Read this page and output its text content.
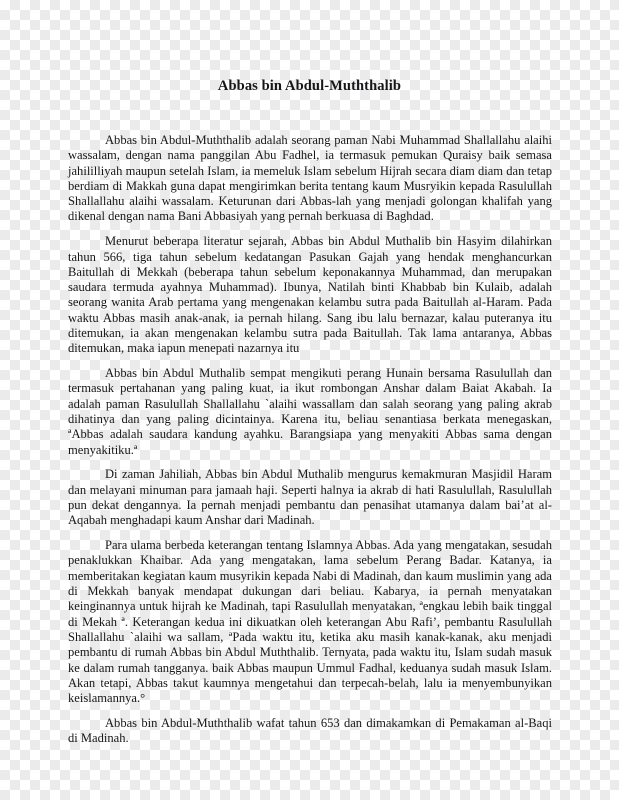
Abbas bin Abdul-Muththalib

Abbas bin Abdul-Muththalib adalah seorang paman Nabi Muhammad Shallallahu alaihi wassalam, dengan nama panggilan Abu Fadhel, ia termasuk pemukan Quraisy baik semasa jahililliyah maupun setelah Islam, ia memeluk Islam sebelum Hijrah secara diam diam dan tetap berdiam di Makkah guna dapat mengirimkan berita tentang kaum Musryikin kepada Rasulullah Shallallahu alaihi wassalam. Keturunan dari Abbas-lah yang menjadi golongan khalifah yang dikenal dengan nama Bani Abbasiyah yang pernah berkuasa di Baghdad.

Menurut beberapa literatur sejarah, Abbas bin Abdul Muthalib bin Hasyim dilahirkan tahun 566, tiga tahun sebelum kedatangan Pasukan Gajah yang hendak menghancurkan Baitullah di Mekkah (beberapa tahun sebelum keponakannya Muhammad, dan merupakan saudara termuda ayahnya Muhammad). Ibunya, Natilah binti Khabbab bin Kulaib, adalah seorang wanita Arab pertama yang mengenakan kelambu sutra pada Baitullah al-Haram. Pada waktu Abbas masih anak-anak, ia pernah hilang. Sang ibu lalu bernazar, kalau puteranya itu ditemukan, ia akan mengenakan kelambu sutra pada Baitullah. Tak lama antaranya, Abbas ditemukan, maka iapun menepati nazarnya itu

Abbas bin Abdul Muthalib sempat mengikuti perang Hunain bersama Rasulullah dan termasuk pertahanan yang paling kuat, ia ikut rombongan Anshar dalam Baiat Akabah. Ia adalah paman Rasulullah Shallallahu `alaihi wassallam dan salah seorang yang paling akrab dihatinya dan yang paling dicintainya. Karena itu, beliau senantiasa berkata menegaskan, ªAbbas adalah saudara kandung ayahku. Barangsiapa yang menyakiti Abbas sama dengan menyakitiku.ª

Di zaman Jahiliah, Abbas bin Abdul Muthalib mengurus kemakmuran Masjidil Haram dan melayani minuman para jamaah haji. Seperti halnya ia akrab di hati Rasulullah, Rasulullah pun dekat dengannya. Ia pernah menjadi pembantu dan penasihat utamanya dalam bai’at al-Aqabah menghadapi kaum Anshar dari Madinah.

Para ulama berbeda keterangan tentang Islamnya Abbas. Ada yang mengatakan, sesudah penaklukkan Khaibar. Ada yang mengatakan, lama sebelum Perang Badar. Katanya, ia memberitakan kegiatan kaum musyrikin kepada Nabi di Madinah, dan kaum muslimin yang ada di Mekkah banyak mendapat dukungan dari beliau. Kabarya, ia pernah menyatakan keinginannya untuk hijrah ke Madinah, tapi Rasulullah menyatakan, ªengkau lebih baik tinggal di Mekah ª. Keterangan kedua ini dikuatkan oleh keterangan Abu Rafi’, pembantu Rasulullah Shallallahu `alaihi wa sallam, ªPada waktu itu, ketika aku masih kanak-kanak, aku menjadi pembantu di rumah Abbas bin Abdul Muththalib. Ternyata, pada waktu itu, Islam sudah masuk ke dalam rumah tangganya. baik Abbas maupun Ummul Fadhal, keduanya sudah masuk Islam. Akan tetapi, Abbas takut kaumnya mengetahui dan terpecah-belah, lalu ia menyembunyikan keislamannya.°

Abbas bin Abdul-Muththalib wafat tahun 653 dan dimakamkan di Pemakaman al-Baqi di Madinah.
